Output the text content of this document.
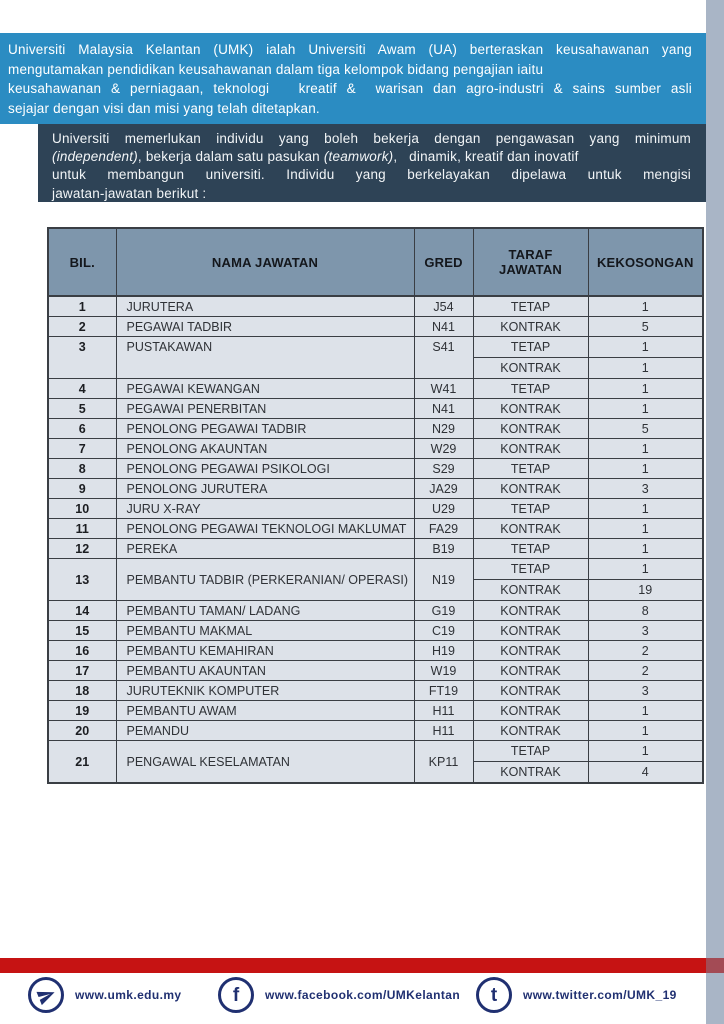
Universiti Malaysia Kelantan (UMK) ialah Universiti Awam (UA) berteraskan keusahawanan yang
mengutamakan pendidikan keusahawanan dalam tiga kelompok bidang pengajian iaitu
keusahawanan & perniagaan, teknologi   kreatif &  warisan dan agro-industri & sains sumber asli
sejajar dengan visi dan misi yang telah ditetapkan.
Universiti memerlukan individu yang boleh bekerja dengan pengawasan yang minimum
(independent), bekerja dalam satu pasukan (teamwork),   dinamik, kreatif dan inovatif
untuk membangun universiti. Individu yang berkelayakan dipelawa untuk mengisi
jawatan-jawatan berikut :
BIL.	NAMA JAWATAN	GRED	TARAF JAWATAN	KEKOSONGAN

1	JURUTERA	J54	TETAP	1
2	PEGAWAI TADBIR	N41	KONTRAK	5
3	PUSTAKAWAN	S41	TETAP	1
			KONTRAK	1
4	PEGAWAI KEWANGAN	W41	TETAP	1
5	PEGAWAI PENERBITAN	N41	KONTRAK	1
6	PENOLONG PEGAWAI TADBIR	N29	KONTRAK	5
7	PENOLONG AKAUNTAN	W29	KONTRAK	1
8	PENOLONG PEGAWAI PSIKOLOGI	S29	TETAP	1
9	PENOLONG JURUTERA	JA29	KONTRAK	3
10	JURU X-RAY	U29	TETAP	1
11	PENOLONG PEGAWAI TEKNOLOGI MAKLUMAT	FA29	KONTRAK	1
12	PEREKA	B19	TETAP	1
13	PEMBANTU TADBIR (PERKERANIAN/ OPERASI)	N19	TETAP	1
			KONTRAK	19
14	PEMBANTU TAMAN/ LADANG	G19	KONTRAK	8
15	PEMBANTU MAKMAL	C19	KONTRAK	3
16	PEMBANTU KEMAHIRAN	H19	KONTRAK	2
17	PEMBANTU AKAUNTAN	W19	KONTRAK	2
18	JURUTEKNIK KOMPUTER	FT19	KONTRAK	3
19	PEMBANTU AWAM	H11	KONTRAK	1
20	PEMANDU	H11	KONTRAK	1
21	PENGAWAL KESELAMATAN	KP11	TETAP	1
			KONTRAK	4
www.umk.edu.my	f	www.facebook.com/UMKelantan	t	www.twitter.com/UMK_19
